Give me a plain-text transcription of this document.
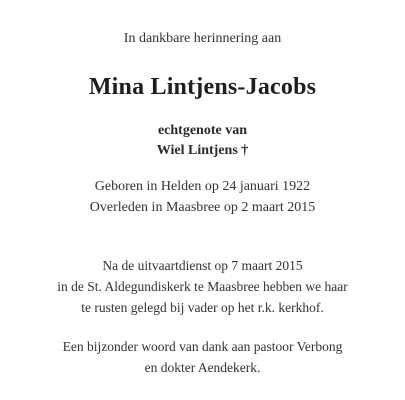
In dankbare herinnering aan
Mina Lintjens-Jacobs
echtgenote van
Wiel Lintjens †
Geboren in Helden op 24 januari 1922
Overleden in Maasbree op 2 maart 2015
Na de uitvaartdienst op 7 maart 2015
in de St. Aldegundiskerk te Maasbree hebben we haar
te rusten gelegd bij vader op het r.k. kerkhof.
Een bijzonder woord van dank aan pastoor Verbong
en dokter Aendekerk.
